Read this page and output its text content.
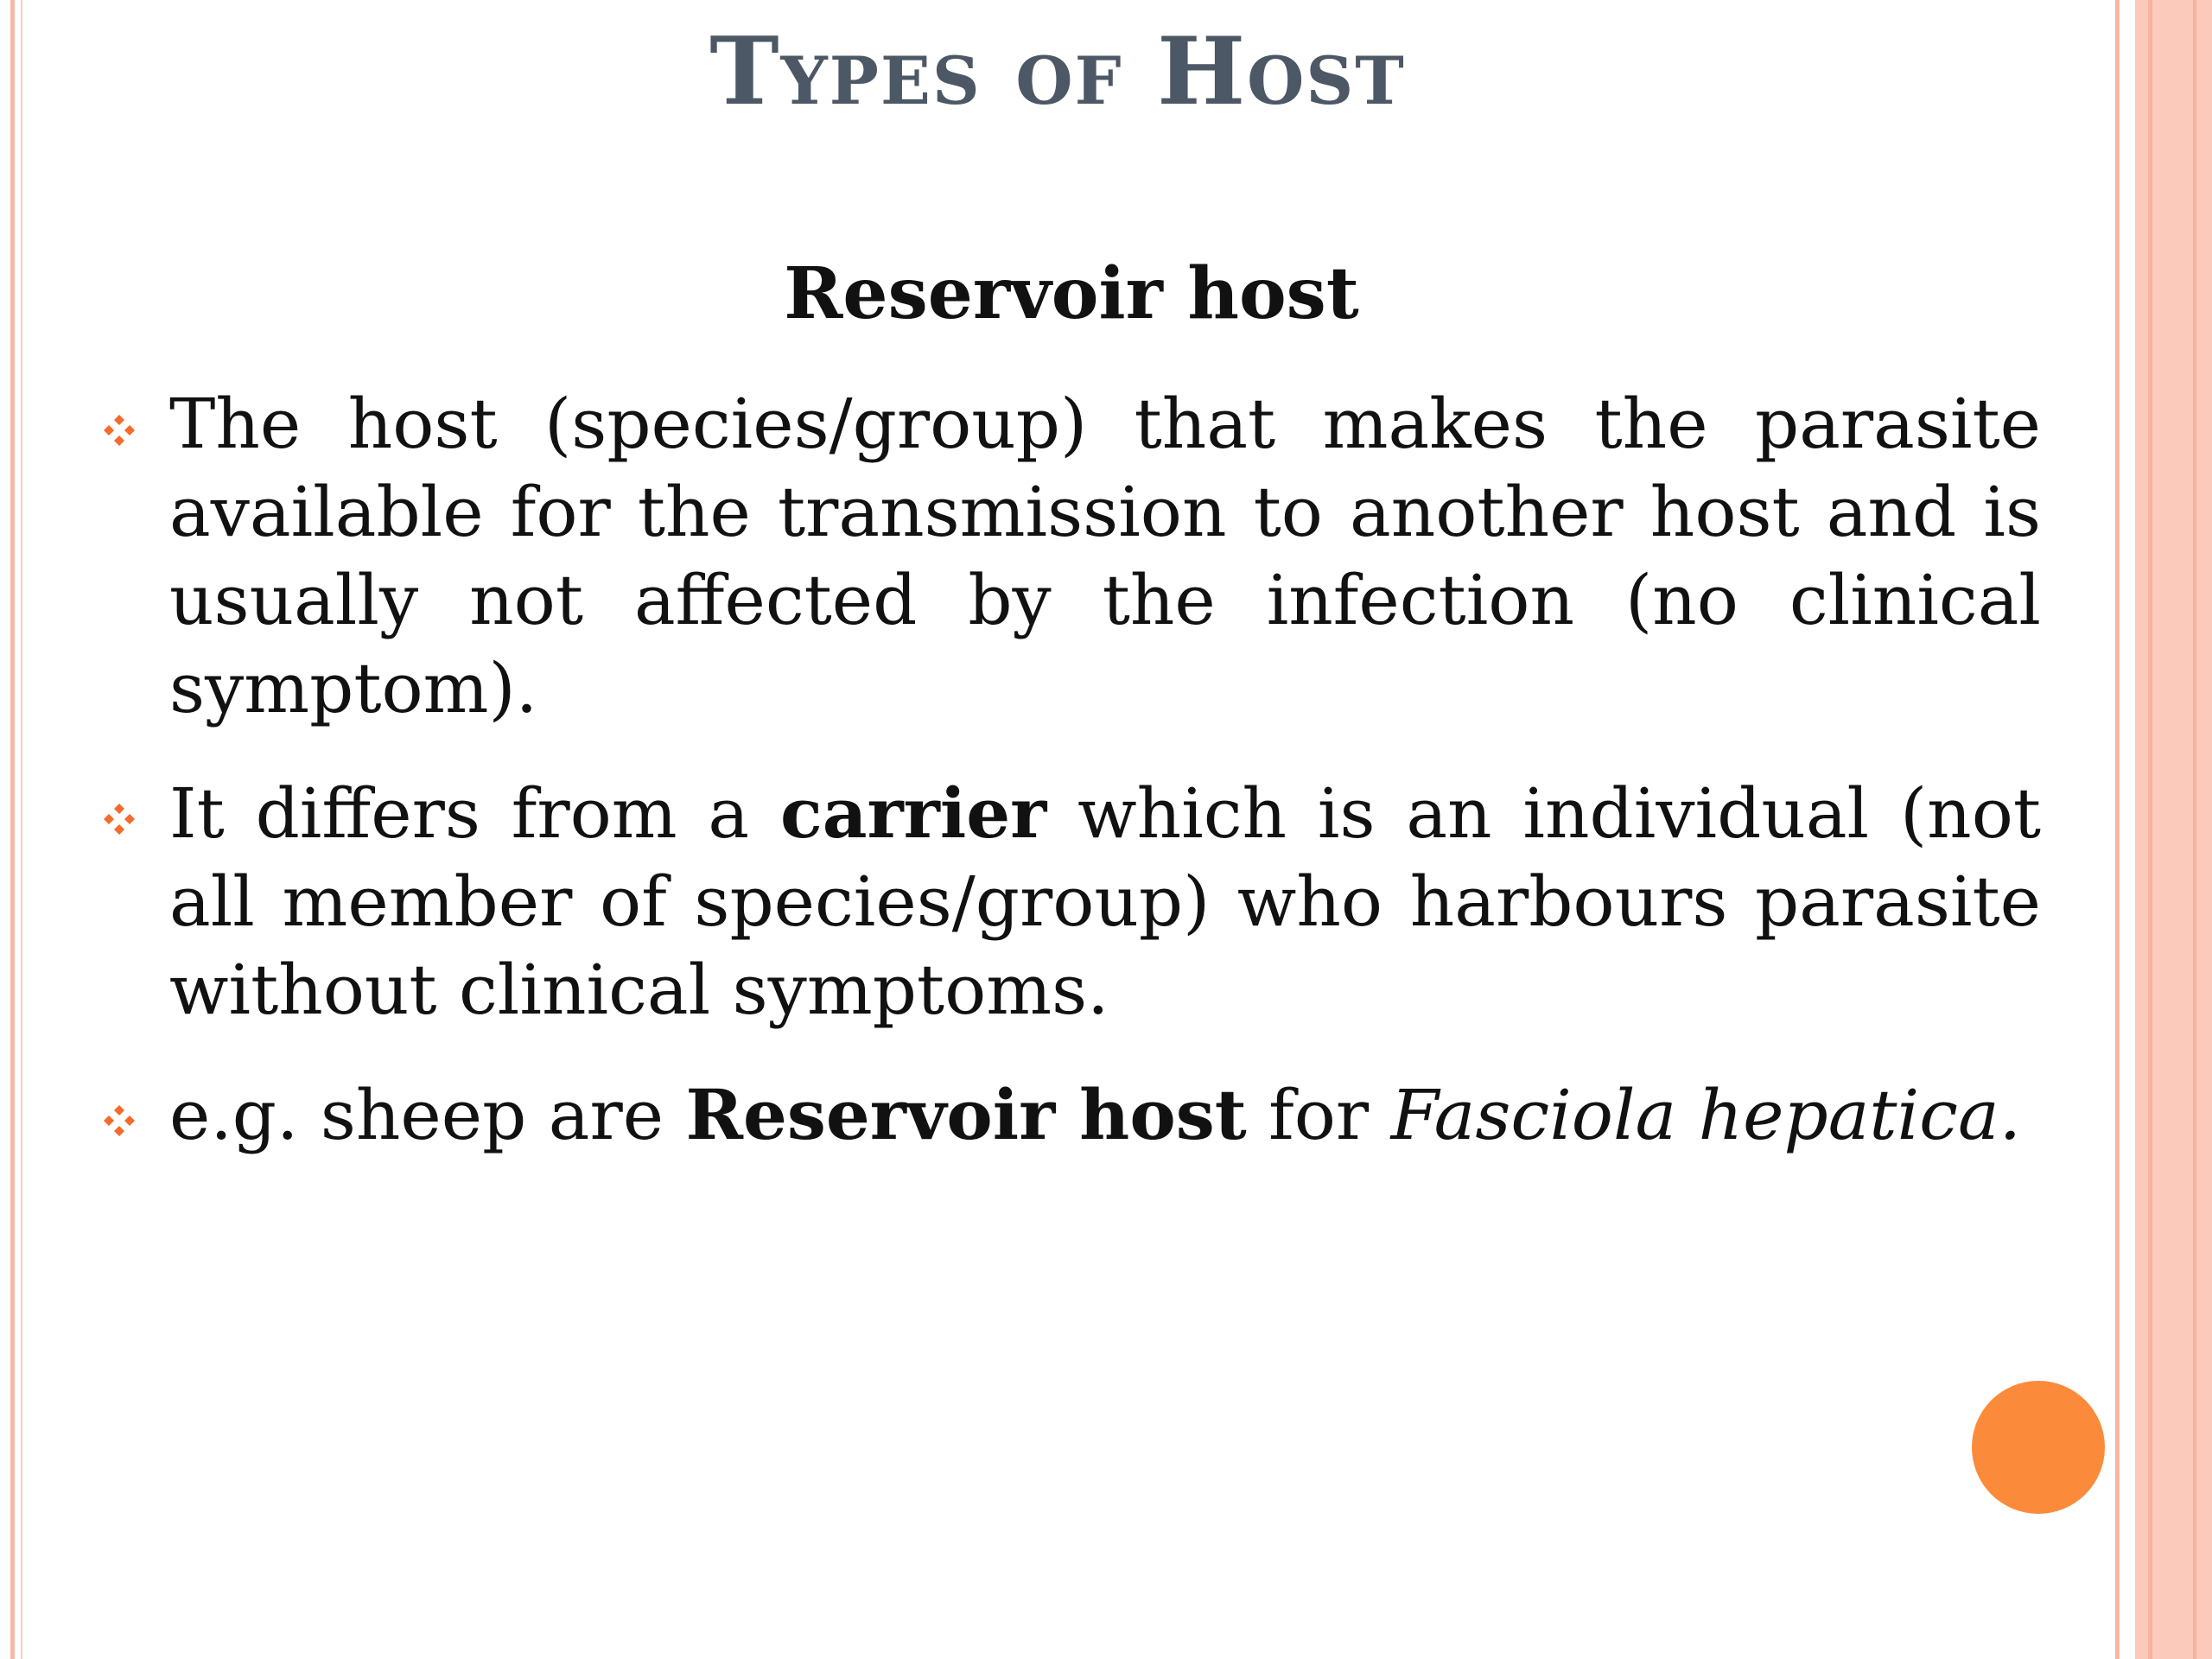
Types of Host
Reservoir host
The host (species/group) that makes the parasite available for the transmission to another host and is usually not affected by the infection (no clinical symptom).
It differs from a carrier which is an individual (not all member of species/group) who harbours parasite without clinical symptoms.
e.g. sheep are Reservoir host for Fasciola hepatica.
